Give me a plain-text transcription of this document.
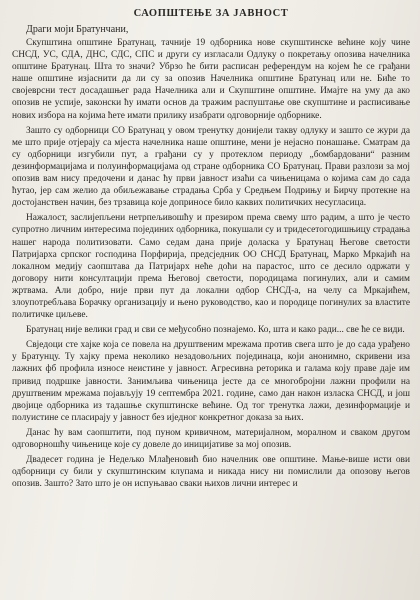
САОПШТЕЊЕ ЗА ЈАВНОСТ
Драги моји Братунчани,

Скупштина општине Братунац, тачније 19 одборника нове скупштинске већине коју чине СНСД, УС, СДА, ДНС, СДС, СПС и други су изгласали Одлуку о покретању опозива начелника општине Братунац. Шта то значи? Убрзо ће бити расписан референдум на којем ће се грађани наше општине изјаснити да ли су за опозив Начелника општине Братунац или не. Биће то својеврсни тест досадашњег рада Начелника али и Скупштине општине. Имајте на уму да ако опозив не успије, законски ћу имати основ да тражим распуштање ове скупштине и расписивање нових избора на којима ћете имати прилику изабрати одговорније одборнике.

Зашто су одборници СО Братунац у овом тренутку донијели такву одлуку и зашто се жури да ме што прије отјерају са мјеста начелника наше општине, мени је нејасно понашање. Сматрам да су одборници изгубили пут, а грађани су у протеклом периоду „бомбардовани“ разним дезинформацијама и полуинформацијама од стране одборника СО Братунац. Прави разлози за мој опозив вам нису предочени и данас ћу први јавност изаћи са чињеницама о којима сам до сада ћутао, јер сам желио да обиљежавање страдања Срба у Средњем Подрињу и Бирчу протекне на достојанствен начин, без трзавица које доприносе било каквих политичких несугласица.

Нажалост, заслијепљени нетрпељивошћу и презиром према свему што радим, а што је често супротно личним интересима појединих одборника, покушали су и тридесетогодишњицу страдања нашег народа политизовати. Само седам дана прије доласка у Братунац Његове светости Патријарха српског господина Порфирија, предсједник ОО СНСД Братунац, Марко Мркајић на локалном медију саопштава да Патријарх неће доћи на парастос, што се десило одржати у договору нити консултацији према Његовој светости, породицама погинулих, али и самим жртвама. Али добро, није први пут да локални одбор СНСД-а, на челу са Мркајићем, злоупотребљава Борачку организацију и њено руководство, као и породице погинулих за властите политичке циљеве.

Братунац није велики град и сви се међусобно познајемо. Ко, шта и како ради... све ће се види.

Свједоци сте хајке која се повела на друштвеним мрежама против свега што је до сада урађено у Братунцу. Ту хајку према неколико незадовољних појединаца, који анонимно, скривени иза лажних фб профила износе неистине у јавност. Агресивна реторика и галама коју праве даје им привид подршке јавности. Занимљива чињеница јесте да се многобројни лажни профили на друштвеним мрежама појављују 19 септембра 2021. године, само дан након изласка СНСД, и још двојице одборника из тадашње скупштинске већине. Од тог тренутка лажи, дезинформације и полуистине се пласирају у јавност без иједног конкретног доказа за њих.

Данас ћу вам саопштити, под пуном кривичном, материјалном, моралном и сваком другом одговорношћу чињенице које су довеле до иницијативе за мој опозив.

Двадесет година је Недељко Млађеновић био начелник ове општине. Мање-више исти ови одборници су били у скупштинским клупама и никада нису ни помислили да опозову његов опозив. Зашто? Зато што је он испуњавао сваки њихов лични интерес и
